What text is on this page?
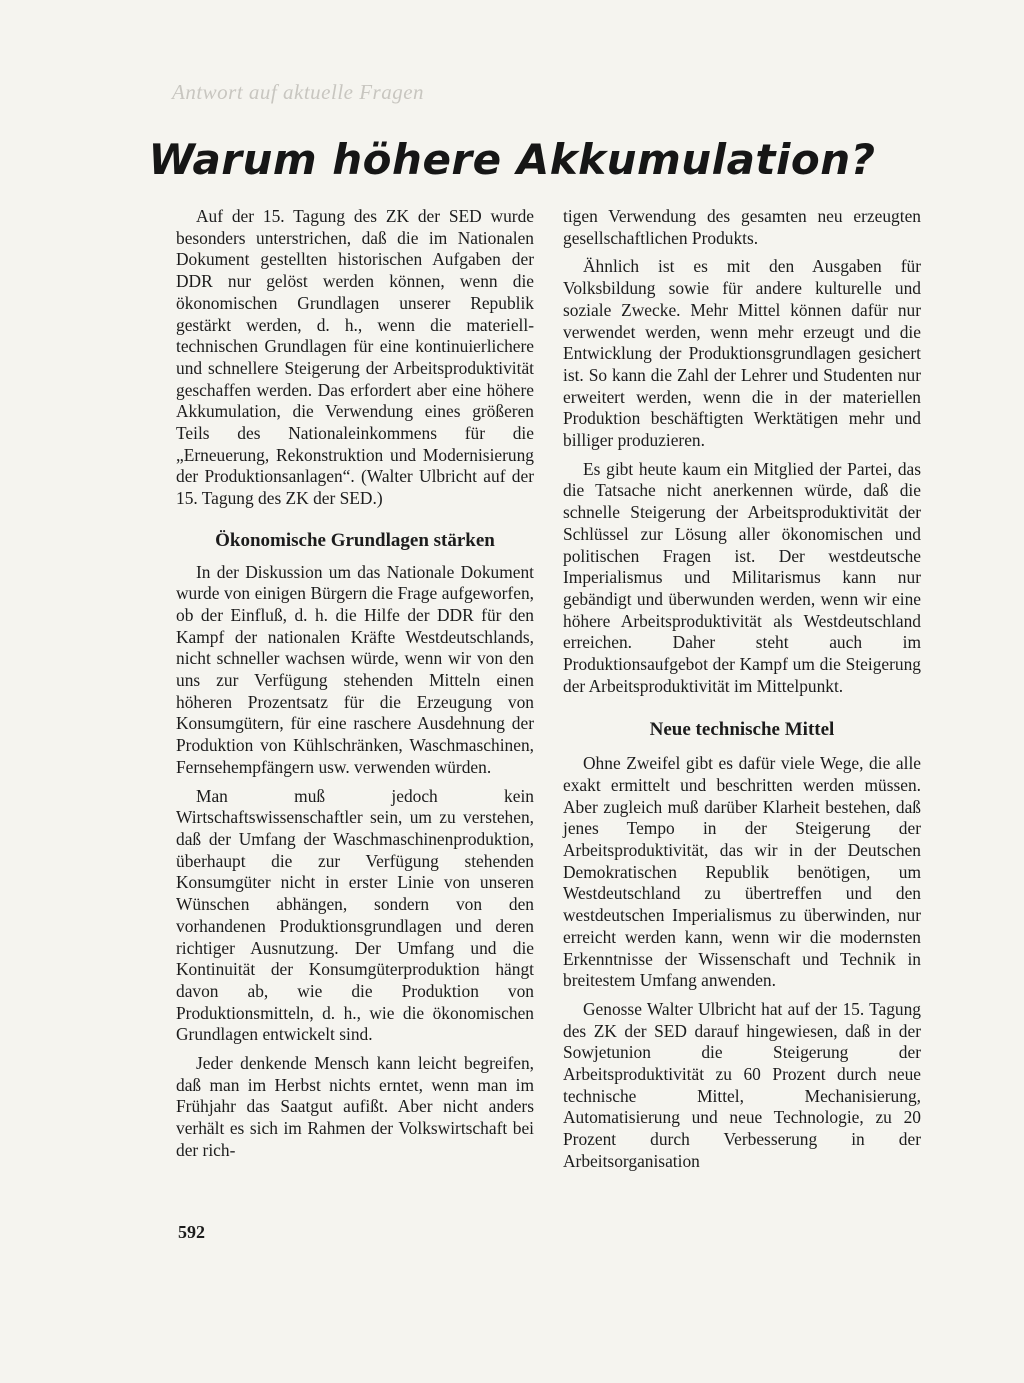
Antwort auf aktuelle Fragen
Warum höhere Akkumulation?

Auf der 15. Tagung des ZK der SED wurde besonders unterstrichen, daß die im Nationalen Dokument gestellten historischen Aufgaben der DDR nur gelöst werden können, wenn die ökonomischen Grundlagen unserer Republik gestärkt werden, d. h., wenn die materiell-technischen Grundlagen für eine kontinuierlichere und schnellere Steigerung der Arbeitsproduktivität geschaffen werden. Das erfordert aber eine höhere Akkumulation, die Verwendung eines größeren Teils des Nationaleinkommens für die „Erneuerung, Rekonstruktion und Modernisierung der Produktionsanlagen“. (Walter Ulbricht auf der 15. Tagung des ZK der SED.)

Ökonomische Grundlagen stärken

In der Diskussion um das Nationale Dokument wurde von einigen Bürgern die Frage aufgeworfen, ob der Einfluß, d. h. die Hilfe der DDR für den Kampf der nationalen Kräfte Westdeutschlands, nicht schneller wachsen würde, wenn wir von den uns zur Verfügung stehenden Mitteln einen höheren Prozentsatz für die Erzeugung von Konsumgütern, für eine raschere Ausdehnung der Produktion von Kühlschränken, Waschmaschinen, Fernsehempfängern usw. verwenden würden.

Man muß jedoch kein Wirtschaftswissenschaftler sein, um zu verstehen, daß der Umfang der Waschmaschinenproduktion, überhaupt die zur Verfügung stehenden Konsumgüter nicht in erster Linie von unseren Wünschen abhängen, sondern von den vorhandenen Produktionsgrundlagen und deren richtiger Ausnutzung. Der Umfang und die Kontinuität der Konsumgüterproduktion hängt davon ab, wie die Produktion von Produktionsmitteln, d. h., wie die ökonomischen Grundlagen entwickelt sind.

Jeder denkende Mensch kann leicht begreifen, daß man im Herbst nichts erntet, wenn man im Frühjahr das Saatgut aufißt. Aber nicht anders verhält es sich im Rahmen der Volkswirtschaft bei der rich-

tigen Verwendung des gesamten neu erzeugten gesellschaftlichen Produkts.

Ähnlich ist es mit den Ausgaben für Volksbildung sowie für andere kulturelle und soziale Zwecke. Mehr Mittel können dafür nur verwendet werden, wenn mehr erzeugt und die Entwicklung der Produktionsgrundlagen gesichert ist. So kann die Zahl der Lehrer und Studenten nur erweitert werden, wenn die in der materiellen Produktion beschäftigten Werktätigen mehr und billiger produzieren.

Es gibt heute kaum ein Mitglied der Partei, das die Tatsache nicht anerkennen würde, daß die schnelle Steigerung der Arbeitsproduktivität der Schlüssel zur Lösung aller ökonomischen und politischen Fragen ist. Der westdeutsche Imperialismus und Militarismus kann nur gebändigt und überwunden werden, wenn wir eine höhere Arbeitsproduktivität als Westdeutschland erreichen. Daher steht auch im Produktionsaufgebot der Kampf um die Steigerung der Arbeitsproduktivität im Mittelpunkt.

Neue technische Mittel

Ohne Zweifel gibt es dafür viele Wege, die alle exakt ermittelt und beschritten werden müssen. Aber zugleich muß darüber Klarheit bestehen, daß jenes Tempo in der Steigerung der Arbeitsproduktivität, das wir in der Deutschen Demokratischen Republik benötigen, um Westdeutschland zu übertreffen und den westdeutschen Imperialismus zu überwinden, nur erreicht werden kann, wenn wir die modernsten Erkenntnisse der Wissenschaft und Technik in breitestem Umfang anwenden.

Genosse Walter Ulbricht hat auf der 15. Tagung des ZK der SED darauf hingewiesen, daß in der Sowjetunion die Steigerung der Arbeitsproduktivität zu 60 Prozent durch neue technische Mittel, Mechanisierung, Automatisierung und neue Technologie, zu 20 Prozent durch Verbesserung in der Arbeitsorganisation

592
